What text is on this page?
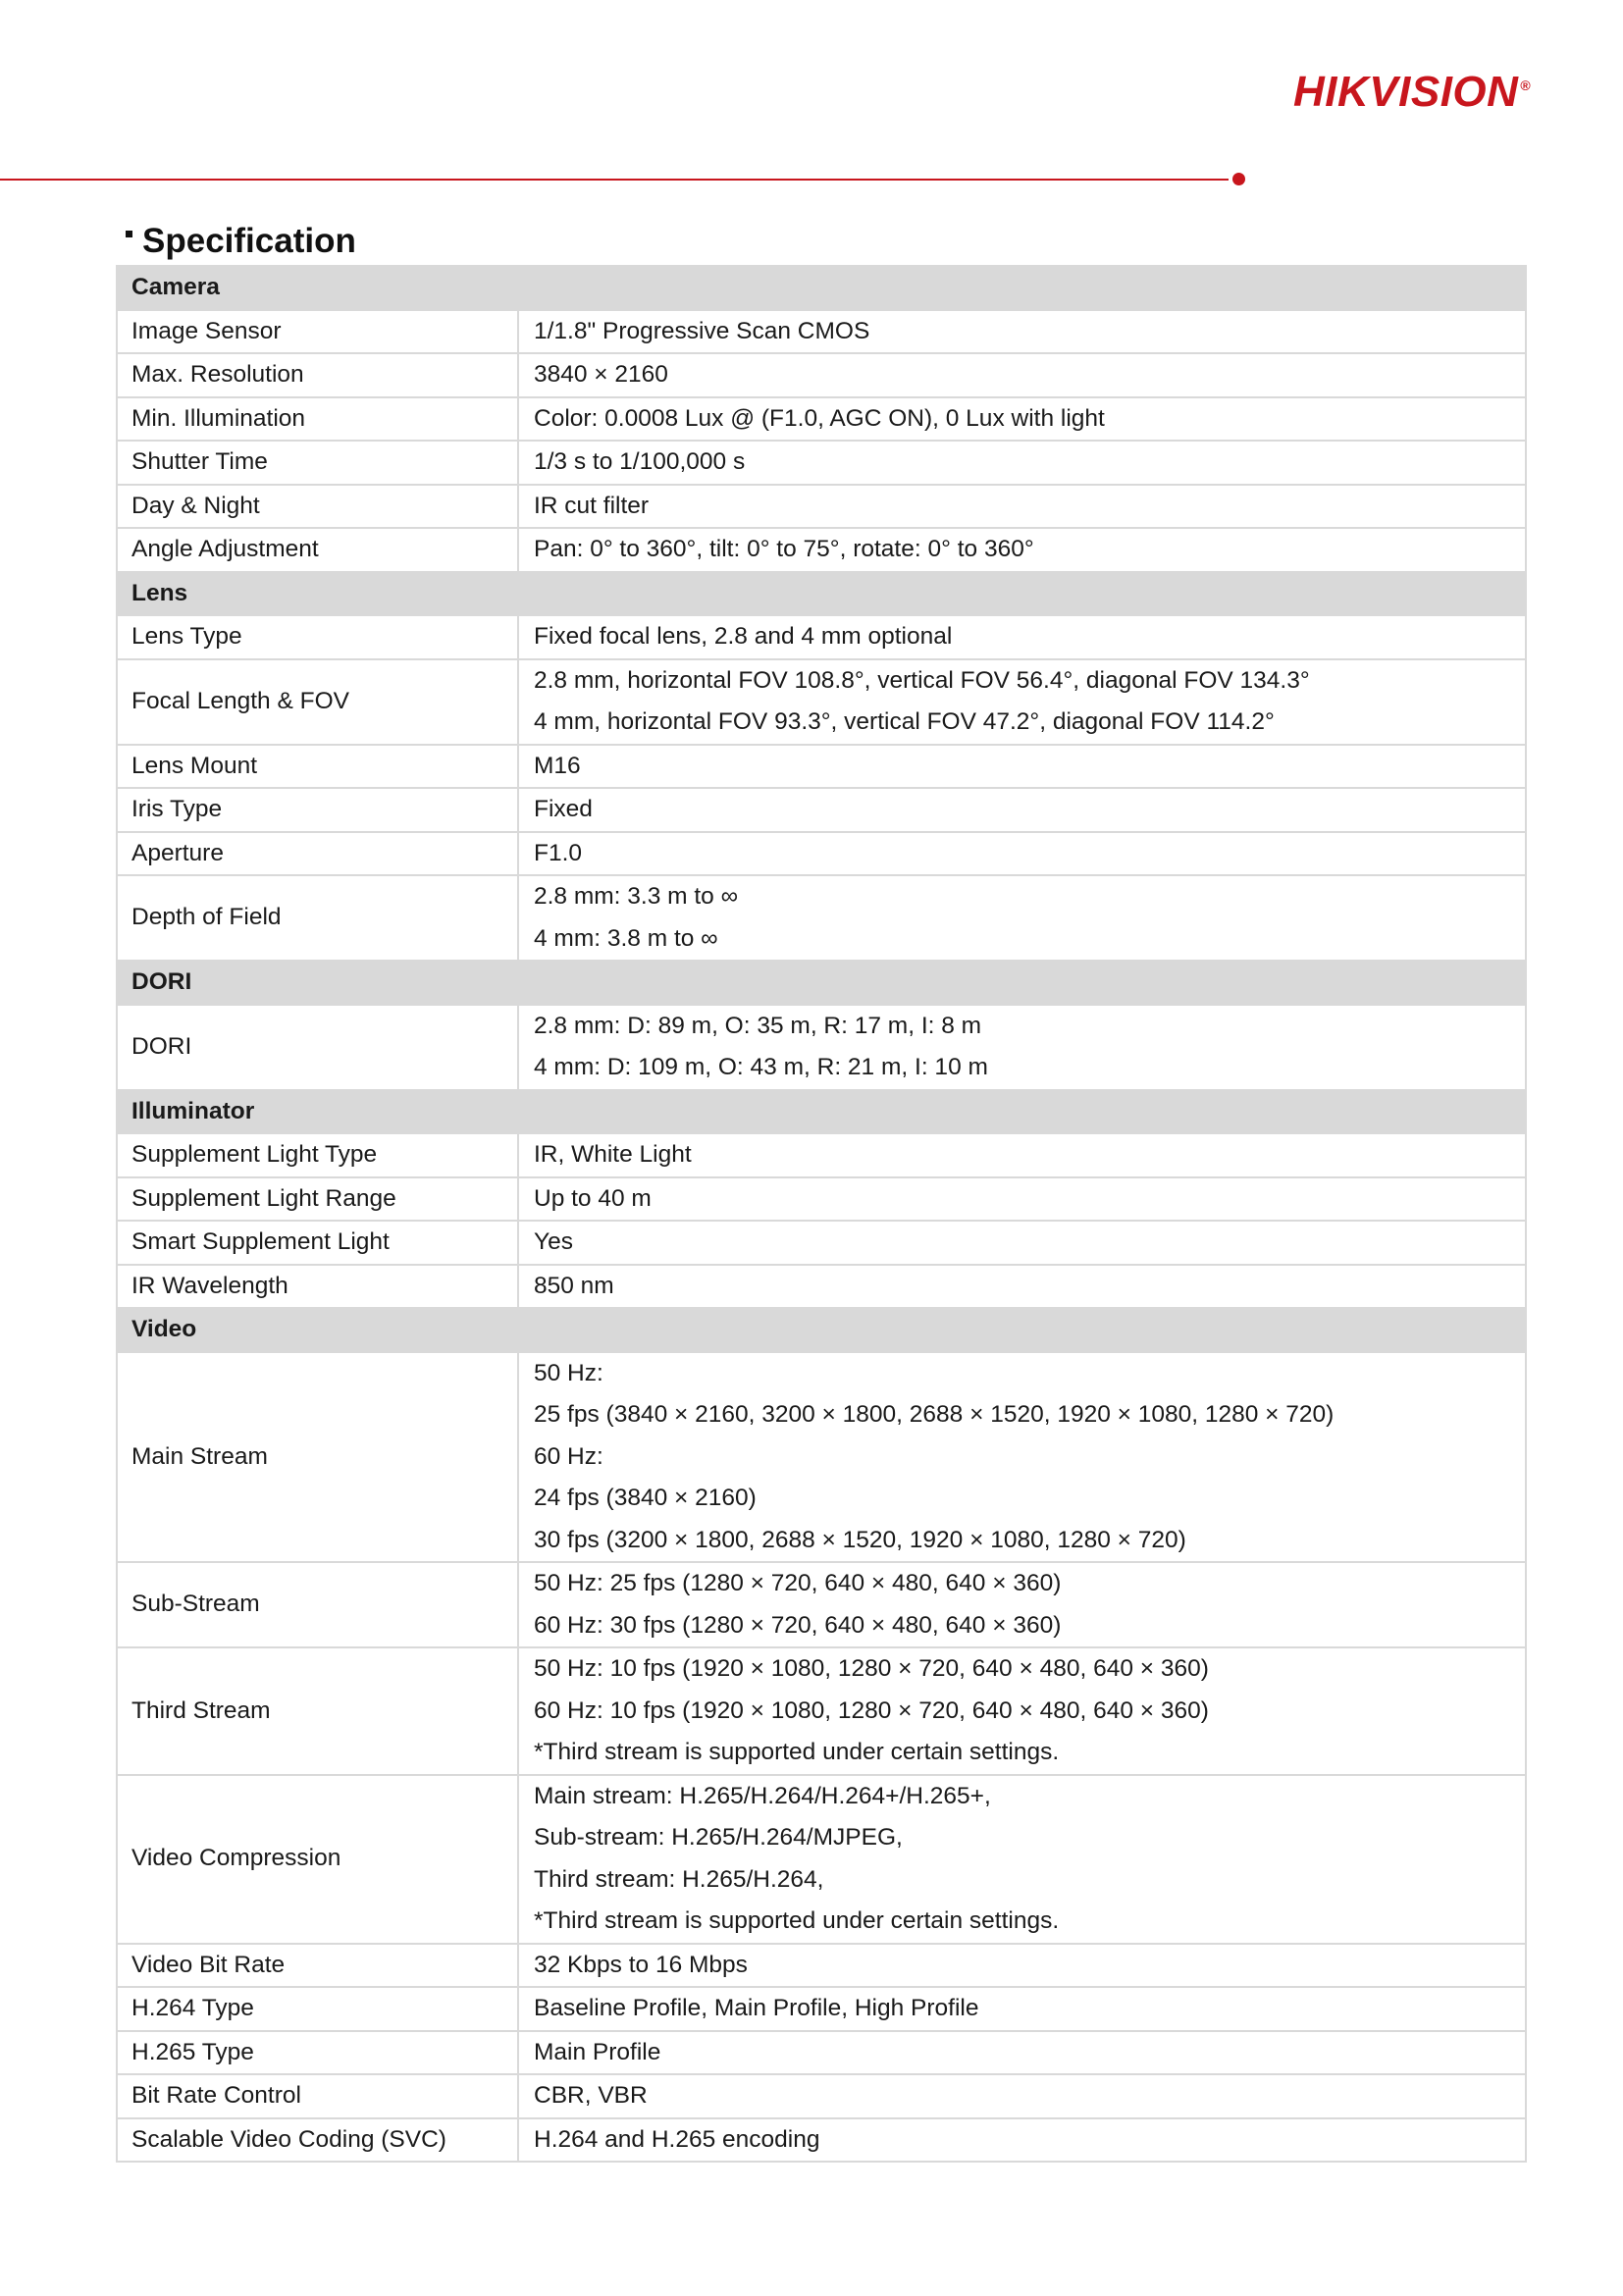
HIKVISION ®
Specification
Camera	
Image Sensor	1/1.8" Progressive Scan CMOS

Max. Resolution	3840 × 2160

Min. Illumination	Color: 0.0008 Lux @ (F1.0, AGC ON), 0 Lux with light

Shutter Time	1/3 s to 1/100,000 s

Day & Night	IR cut filter

Angle Adjustment	Pan: 0° to 360°, tilt: 0° to 75°, rotate: 0° to 360°

Lens	
Lens Type	Fixed focal lens, 2.8 and 4 mm optional

Focal Length & FOV	2.8 mm, horizontal FOV 108.8°, vertical FOV 56.4°, diagonal FOV 134.3°
4 mm, horizontal FOV 93.3°, vertical FOV 47.2°, diagonal FOV 114.2°

Lens Mount	M16

Iris Type	Fixed

Aperture	F1.0

Depth of Field	2.8 mm: 3.3 m to ∞
4 mm: 3.8 m to ∞

DORI	
DORI	2.8 mm: D: 89 m, O: 35 m, R: 17 m, I: 8 m
4 mm: D: 109 m, O: 43 m, R: 21 m, I: 10 m

Illuminator	
Supplement Light Type	IR, White Light

Supplement Light Range	Up to 40 m

Smart Supplement Light	Yes

IR Wavelength	850 nm

Video	
Main Stream	50 Hz:
25 fps (3840 × 2160, 3200 × 1800, 2688 × 1520, 1920 × 1080, 1280 × 720)
60 Hz:
24 fps (3840 × 2160)
30 fps (3200 × 1800, 2688 × 1520, 1920 × 1080, 1280 × 720)

Sub-Stream	50 Hz: 25 fps (1280 × 720, 640 × 480, 640 × 360)
60 Hz: 30 fps (1280 × 720, 640 × 480, 640 × 360)

Third Stream	50 Hz: 10 fps (1920 × 1080, 1280 × 720, 640 × 480, 640 × 360)
60 Hz: 10 fps (1920 × 1080, 1280 × 720, 640 × 480, 640 × 360)
*Third stream is supported under certain settings.

Video Compression	Main stream: H.265/H.264/H.264+/H.265+,
Sub-stream: H.265/H.264/MJPEG,
Third stream: H.265/H.264,
*Third stream is supported under certain settings.

Video Bit Rate	32 Kbps to 16 Mbps

H.264 Type	Baseline Profile, Main Profile, High Profile

H.265 Type	Main Profile

Bit Rate Control	CBR, VBR

Scalable Video Coding (SVC)	H.264 and H.265 encoding
